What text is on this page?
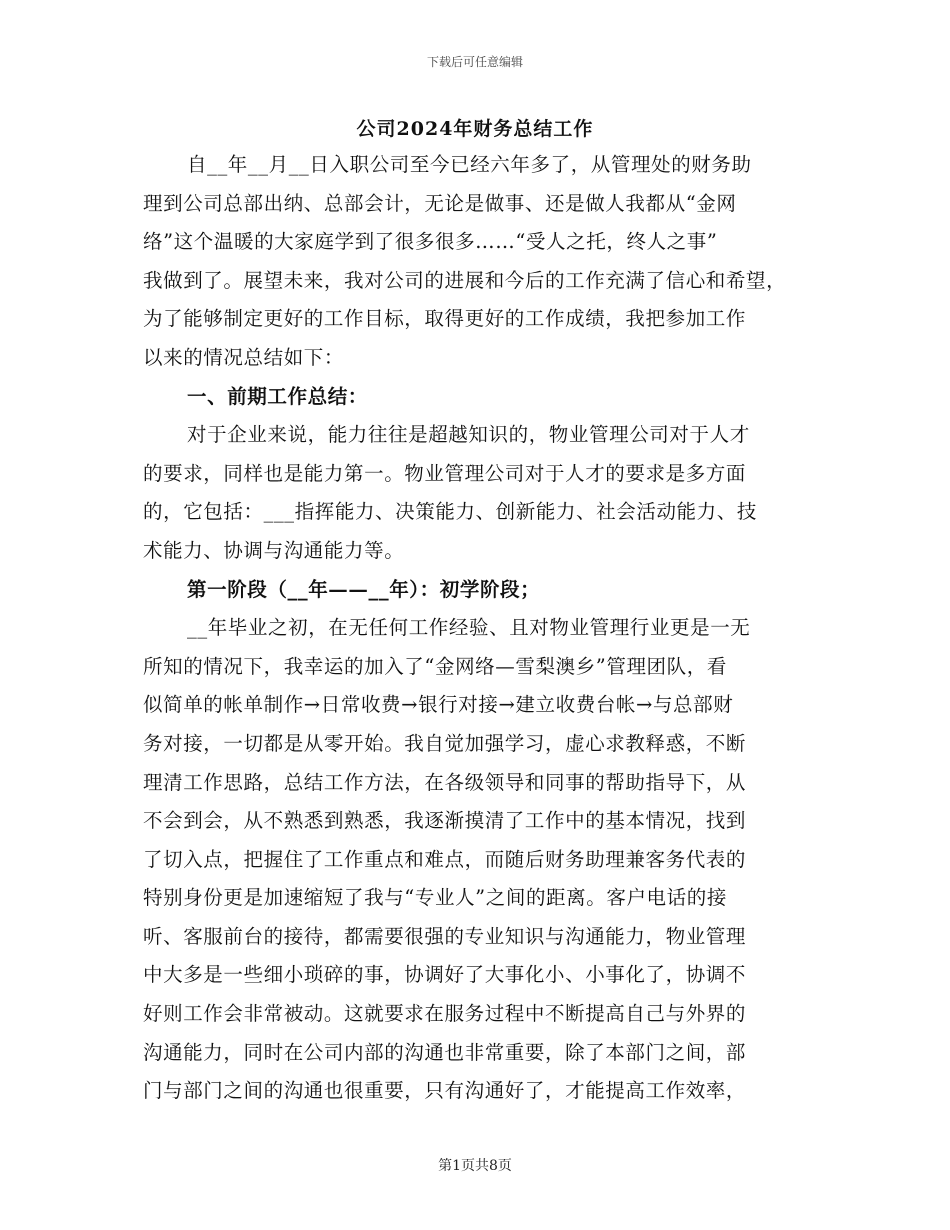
下载后可任意编辑
公司2024年财务总结工作
自__年__月__日入职公司至今已经六年多了，从管理处的财务助
理到公司总部出纳、总部会计，无论是做事、还是做人我都从“金网
络”这个温暖的大家庭学到了很多很多……“受人之托，终人之事”
我做到了。展望未来，我对公司的进展和今后的工作充满了信心和希望，
为了能够制定更好的工作目标，取得更好的工作成绩，我把参加工作
以来的情况总结如下：
一、前期工作总结：
对于企业来说，能力往往是超越知识的，物业管理公司对于人才
的要求，同样也是能力第一。物业管理公司对于人才的要求是多方面
的，它包括：___指挥能力、决策能力、创新能力、社会活动能力、技
术能力、协调与沟通能力等。
第一阶段（__年——__年）：初学阶段；
__年毕业之初，在无任何工作经验、且对物业管理行业更是一无
所知的情况下，我幸运的加入了“金网络—雪梨澳乡”管理团队，看
似简单的帐单制作→日常收费→银行对接→建立收费台帐→与总部财
务对接，一切都是从零开始。我自觉加强学习，虚心求教释惑，不断
理清工作思路，总结工作方法，在各级领导和同事的帮助指导下，从
不会到会，从不熟悉到熟悉，我逐渐摸清了工作中的基本情况，找到
了切入点，把握住了工作重点和难点，而随后财务助理兼客务代表的
特别身份更是加速缩短了我与“专业人”之间的距离。客户电话的接
听、客服前台的接待，都需要很强的专业知识与沟通能力，物业管理
中大多是一些细小琐碎的事，协调好了大事化小、小事化了，协调不
好则工作会非常被动。这就要求在服务过程中不断提高自己与外界的
沟通能力，同时在公司内部的沟通也非常重要，除了本部门之间，部
门与部门之间的沟通也很重要，只有沟通好了，才能提高工作效率，
第1页共8页
